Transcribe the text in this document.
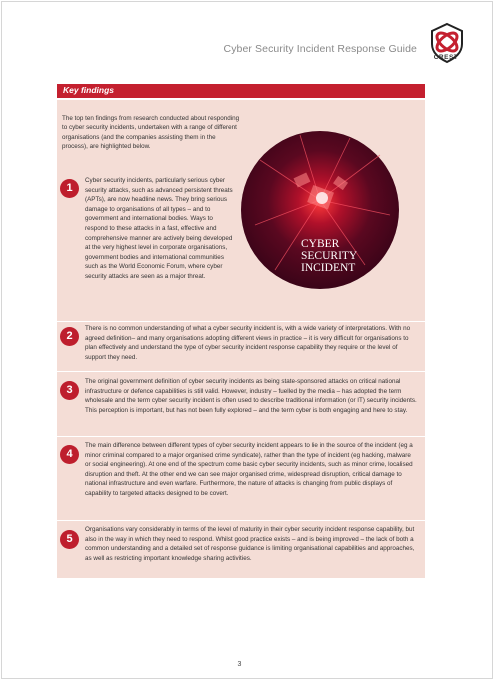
Cyber Security Incident Response Guide
CREST
Key findings
The top ten findings from research conducted about responding to cyber security incidents, undertaken with a range of different organisations (and the companies assisting them in the process), are highlighted below.
CYBER
SECURITY
INCIDENT
1
Cyber security incidents, particularly serious cyber security attacks, such as advanced persistent threats (APTs), are now headline news. They bring serious damage to organisations of all types – and to government and international bodies. Ways to respond to these attacks in a fast, effective and comprehensive manner are actively being developed at the very highest level in corporate organisations, government bodies and international communities such as the World Economic Forum, where cyber security attacks are seen as a major threat.
2
There is no common understanding of what a cyber security incident is, with a wide variety of interpretations. With no agreed definition– and many organisations adopting different views in practice – it is very difficult for organisations to plan effectively and understand the type of cyber security incident response capability they require or the level of support they need.
3
The original government definition of cyber security incidents as being state-sponsored attacks on critical national infrastructure or defence capabilities is still valid. However, industry – fuelled by the media – has adopted the term wholesale and the term cyber security incident is often used to describe traditional information (or IT) security incidents. This perception is important, but has not been fully explored – and the term cyber is both engaging and here to stay.
4
The main difference between different types of cyber security incident appears to lie in the source of the incident (eg a minor criminal compared to a major organised crime syndicate), rather than the type of incident (eg hacking, malware or social engineering). At one end of the spectrum come basic cyber security incidents, such as minor crime, localised disruption and theft. At the other end we can see major organised crime, widespread disruption, critical damage to national infrastructure and even warfare. Furthermore, the nature of attacks is changing from public displays of capability to targeted attacks designed to be covert.
5
Organisations vary considerably in terms of the level of maturity in their cyber security incident response capability, but also in the way in which they need to respond. Whilst good practice exists – and is being improved – the lack of both a common understanding and a detailed set of response guidance is limiting organisational capabilities and approaches, as well as restricting important knowledge sharing activities.
3
